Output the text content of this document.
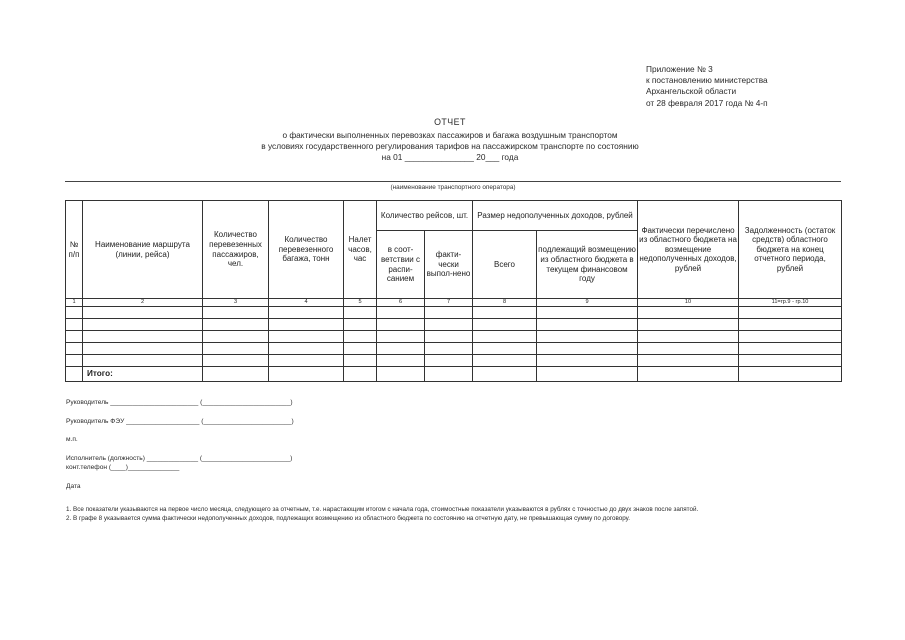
Приложение № 3
к постановлению министерства
Архангельской области
от 28 февраля 2017 года № 4-п
ОТЧЕТ
о фактически выполненных перевозках пассажиров и багажа воздушным транспортом
в условиях государственного регулирования тарифов на пассажирском транспорте по состоянию
на 01 _______________ 20___ года
(наименование транспортного оператора)
№ п/п	Наименование маршрута (линии, рейса)	Количество перевезенных пассажиров, чел.	Количество перевезенного багажа, тонн	Налет часов, час	Количество рейсов, шт.		Размер недополученных доходов, рублей		Фактически перечислено из областного бюджета на возмещение недополученных доходов, рублей	Задолженность (остаток средств) областного бюджета на конец отчетного периода, рублей
					в соот-ветствии с распи-санием	факти-чески выпол-нено	Всего	подлежащий возмещению из областного бюджета в текущем финансовом году		
1	2	3	4	5	6	7	8	9	10	11=гр.9 - гр.10

	Итого:									
Руководитель ________________________ (________________________)
Руководитель ФЭУ ____________________ (________________________)
м.п.
Исполнитель (должность) ______________ (________________________)
конт.телефон (____)______________
Дата
1. Все показатели указываются на первое число месяца, следующего за отчетным, т.е. нарастающим итогом с начала года, стоимостные показатели указываются в рублях с точностью до двух знаков после запятой.
2. В графе 8 указывается сумма фактически недополученных доходов, подлежащих возмещению из областного бюджета по состоянию на отчетную дату, не превышающая сумму по договору.
